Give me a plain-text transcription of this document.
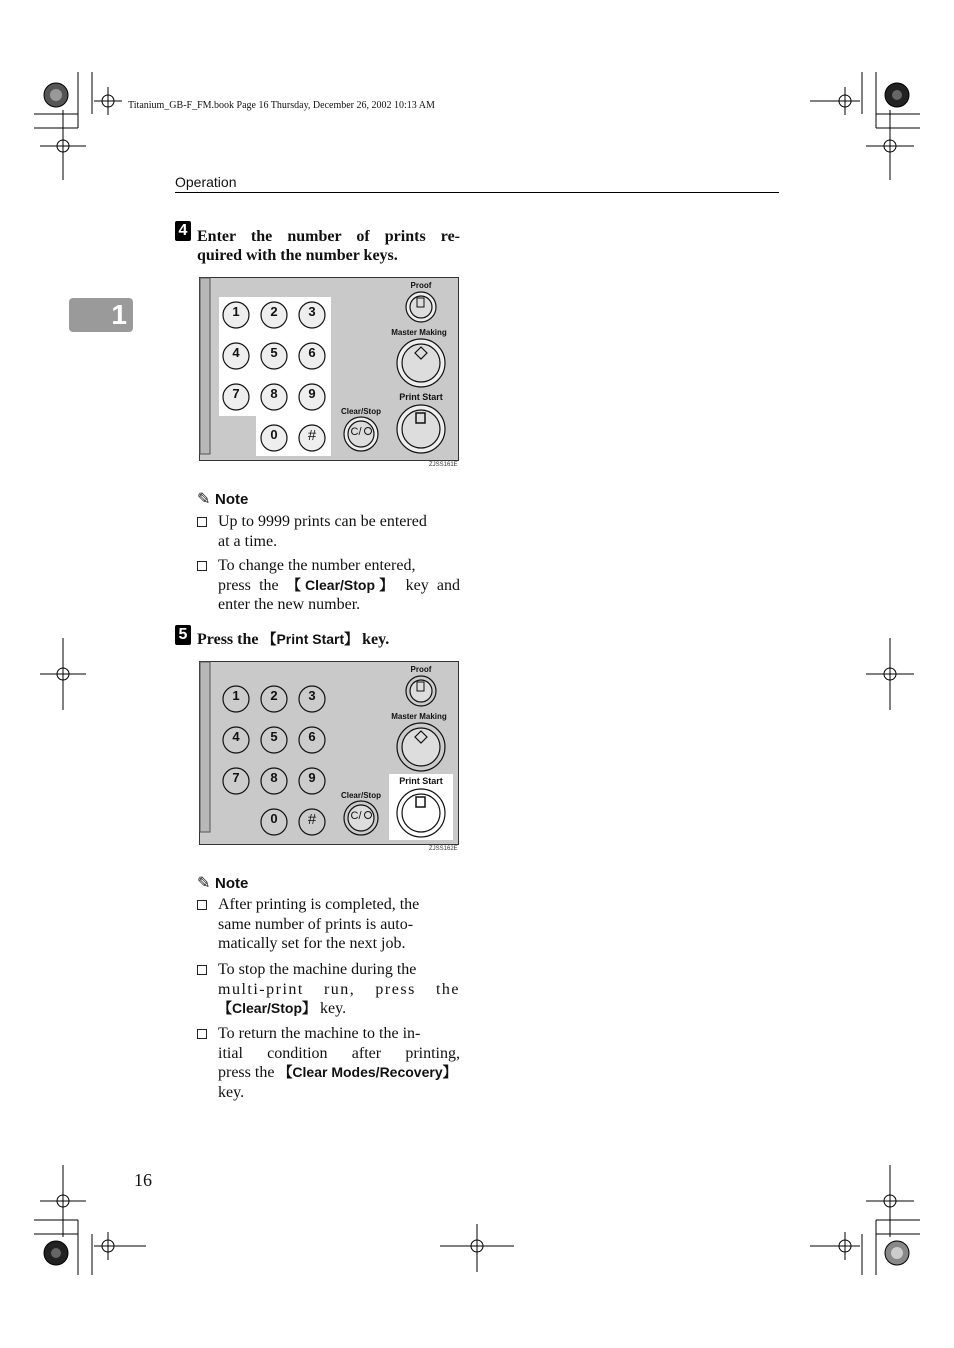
Titanium_GB-F_FM.book Page 16 Thursday, December 26, 2002 10:13 AM
Operation
1
4 Enter the number of prints re-
quired with the number keys.
1 2 3
4 5 6
7 8 9
0 #
Proof
Master Making
Print Start
Clear/Stop
C/
ZJSS161E
✎ Note
Up to 9999 prints can be entered
at a time.
To change the number entered,
press the 【Clear/Stop】 key and
enter the new number.
5 Press the 【Print Start】 key.
1 2 3
4 5 6
7 8 9
0 #
Proof
Master Making
Print Start
Clear/Stop
C/
ZJSS162E
✎ Note
After printing is completed, the
same number of prints is auto-
matically set for the next job.
To stop the machine during the
multi-print run, press the
【Clear/Stop】 key.
To return the machine to the in-
itial condition after printing,
press the 【Clear Modes/Recovery】
key.
16
